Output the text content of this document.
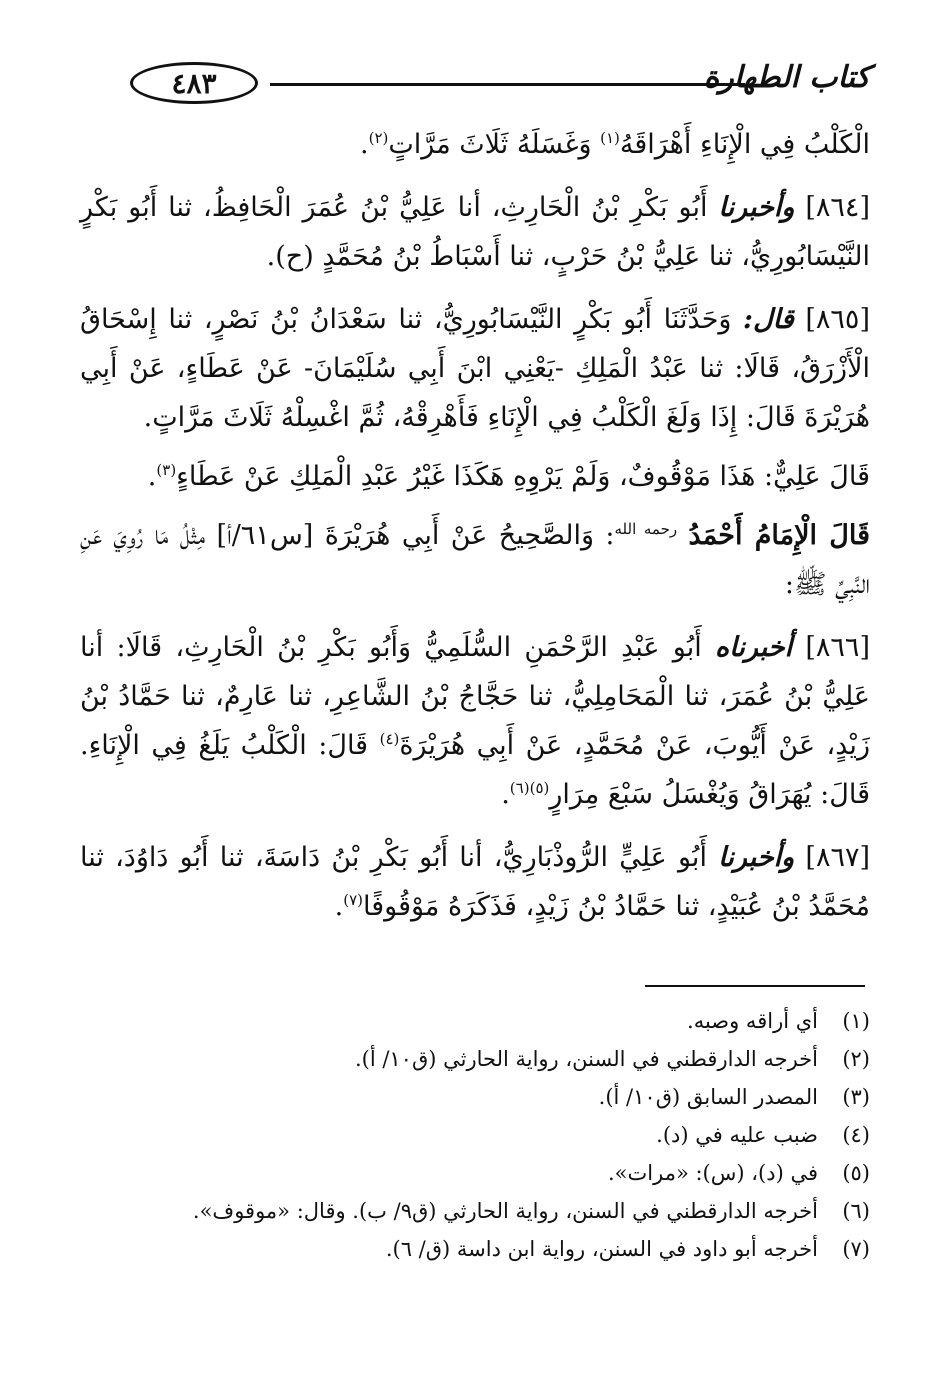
٤٨٣	كتاب الطهارة

الْكَلْبُ فِي الْإِنَاءِ أَهْرَاقَهُ$^{(١)}$ وَغَسَلَهُ ثَلَاثَ مَرَّاتٍ$^{(٢)}$.

[٨٦٤] وأخبرنا أَبُو بَكْرِ بْنُ الْحَارِثِ، أنا عَلِيُّ بْنُ عُمَرَ الْحَافِظُ، ثنا أَبُو بَكْرٍ النَّيْسَابُورِيُّ، ثنا عَلِيُّ بْنُ حَرْبٍ، ثنا أَسْبَاطُ بْنُ مُحَمَّدٍ (ح).

[٨٦٥] قال: وَحَدَّثَنَا أَبُو بَكْرٍ النَّيْسَابُورِيُّ، ثنا سَعْدَانُ بْنُ نَصْرٍ، ثنا إِسْحَاقُ الْأَزْرَقُ، قَالَا: ثنا عَبْدُ الْمَلِكِ -يَعْنِي ابْنَ أَبِي سُلَيْمَانَ- عَنْ عَطَاءٍ، عَنْ أَبِي هُرَيْرَةَ قَالَ: إِذَا وَلَغَ الْكَلْبُ فِي الْإِنَاءِ فَأَهْرِقْهُ، ثُمَّ اغْسِلْهُ ثَلَاثَ مَرَّاتٍ.

قَالَ عَلِيٌّ: هَذَا مَوْقُوفٌ، وَلَمْ يَرْوِهِ هَكَذَا غَيْرُ عَبْدِ الْمَلِكِ عَنْ عَطَاءٍ$^{(٣)}$.

قَالَ الْإِمَامُ أَحْمَدُ $^{رحمه الله}$: وَالصَّحِيحُ عَنْ أَبِي هُرَيْرَةَ [س٦١/أ] مِثْلُ مَا رُوِيَ عَنِ النَّبِيِّ ﷺ:

[٨٦٦] أخبرناه أَبُو عَبْدِ الرَّحْمَنِ السُّلَمِيُّ وَأَبُو بَكْرِ بْنُ الْحَارِثِ، قَالَا: أنا عَلِيُّ بْنُ عُمَرَ، ثنا الْمَحَامِلِيُّ، ثنا حَجَّاجُ بْنُ الشَّاعِرِ، ثنا عَارِمٌ، ثنا حَمَّادُ بْنُ زَيْدٍ، عَنْ أَيُّوبَ، عَنْ مُحَمَّدٍ، عَنْ أَبِي هُرَيْرَةَ$^{(٤)}$ قَالَ: الْكَلْبُ يَلَغُ فِي الْإِنَاءِ. قَالَ: يُهَرَاقُ وَيُغْسَلُ سَبْعَ مِرَارٍ$^{(٥)(٦)}$.

[٨٦٧] وأخبرنا أَبُو عَلِيٍّ الرُّوذْبَارِيُّ، أنا أَبُو بَكْرِ بْنُ دَاسَةَ، ثنا أَبُو دَاوُدَ، ثنا مُحَمَّدُ بْنُ عُبَيْدٍ، ثنا حَمَّادُ بْنُ زَيْدٍ، فَذَكَرَهُ مَوْقُوفًا$^{(٧)}$.

(١)
أي أراقه وصبه.
(٢)
أخرجه الدارقطني في السنن، رواية الحارثي (ق١٠/ أ).
(٣)
المصدر السابق (ق١٠/ أ).
(٤)
ضبب عليه في (د).
(٥)
في (د)، (س): «مرات».
(٦)
أخرجه الدارقطني في السنن، رواية الحارثي (ق٩/ ب). وقال: «موقوف».
(٧)
أخرجه أبو داود في السنن، رواية ابن داسة (ق/ ٦).
